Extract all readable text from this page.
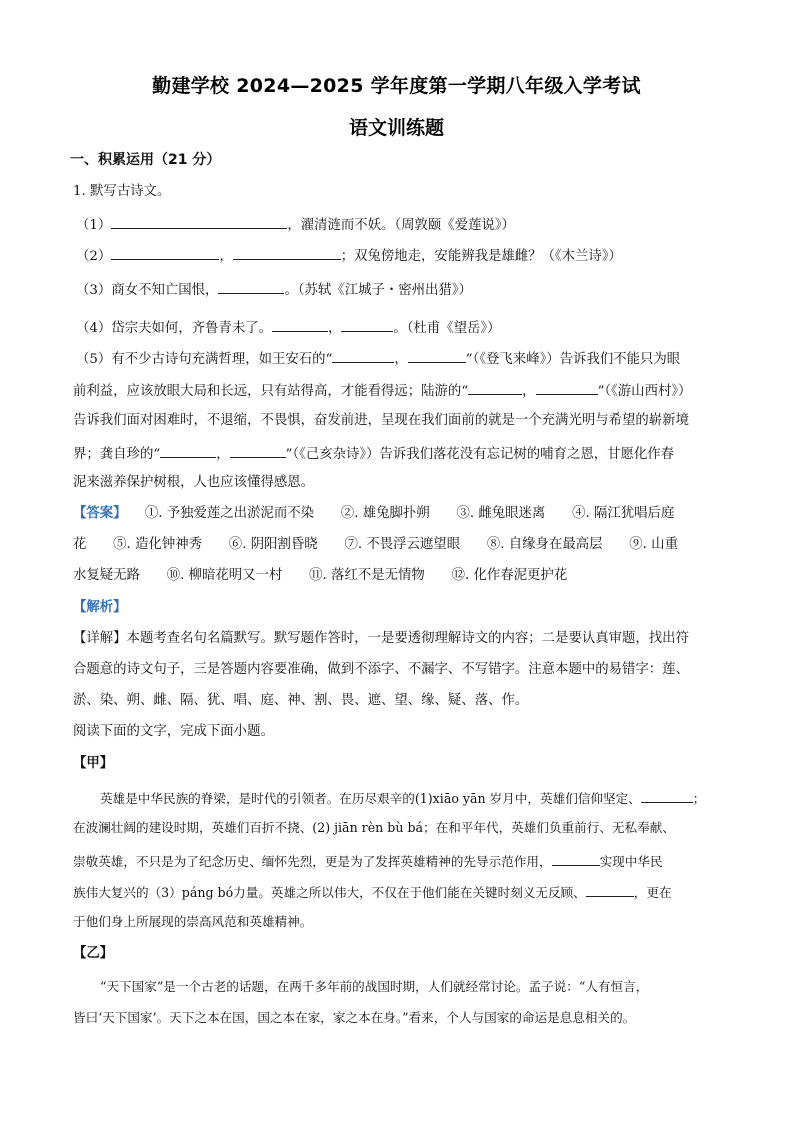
勤建学校 2024—2025 学年度第一学期八年级入学考试
语文训练题
一、积累运用（21 分）
1. 默写古诗文。
（1）	，濯清涟而不妖。（周敦颐《爱莲说》）
（2）	，	；双兔傍地走，安能辨我是雄雌？（《木兰诗》）
（3）商女不知亡国恨，	。（苏轼《江城子・密州出猎》）
（4）岱宗夫如何，齐鲁青未了。	，	。（杜甫《望岳》）
（5）有不少古诗句充满哲理，如王安石的“	，	”（《登飞来峰》）告诉我们不能只为眼
前利益，应该放眼大局和长远，只有站得高，才能看得远；陆游的“	，	”（《游山西村》）
告诉我们面对困难时，不退缩，不畏惧，奋发前进，呈现在我们面前的就是一个充满光明与希望的崭新境
界；龚自珍的“	，	”（《己亥杂诗》）告诉我们落花没有忘记树的哺育之恩，甘愿化作春
泥来滋养保护树根，人也应该懂得感恩。
【答案】 ①. 予独爱莲之出淤泥而不染　　②. 雄兔脚扑朔　　③. 雌兔眼迷离　　④. 隔江犹唱后庭
花　　⑤. 造化钟神秀　　⑥. 阴阳割昏晓　　⑦. 不畏浮云遮望眼　　⑧. 自缘身在最高层　　⑨. 山重
水复疑无路　　⑩. 柳暗花明又一村　　⑪. 落红不是无情物　　⑫. 化作春泥更护花
【解析】
【详解】本题考查名句名篇默写。默写题作答时，一是要透彻理解诗文的内容；二是要认真审题，找出符
合题意的诗文句子，三是答题内容要准确，做到不添字、不漏字、不写错字。注意本题中的易错字：莲、
淤、染、朔、雌、隔、犹、唱、庭、神、割、畏、遮、望、缘、疑、落、作。
阅读下面的文字，完成下面小题。
【甲】
英雄是中华民族的脊梁，是时代的引领者。在历尽艰辛的(1)xiāo yān 岁月中，英雄们信仰坚定、	；
在波澜壮阔的建设时期，英雄们百折不挠、(2) jiān rèn bù bá；在和平年代，英雄们负重前行、无私奉献、
崇敬英雄，不只是为了纪念历史、缅怀先烈，更是为了发挥英雄精神的先导示范作用，	实现中华民
族伟大复兴的（3）páng bó力量。英雄之所以伟大，不仅在于他们能在关键时刻义无反顾、	，更在
于他们身上所展现的崇高风范和英雄精神。
【乙】
“天下国家”是一个古老的话题，在两千多年前的战国时期，人们就经常讨论。孟子说：“人有恒言，
皆曰‘天下国家’。天下之本在国，国之本在家，家之本在身。”看来，个人与国家的命运是息息相关的。
